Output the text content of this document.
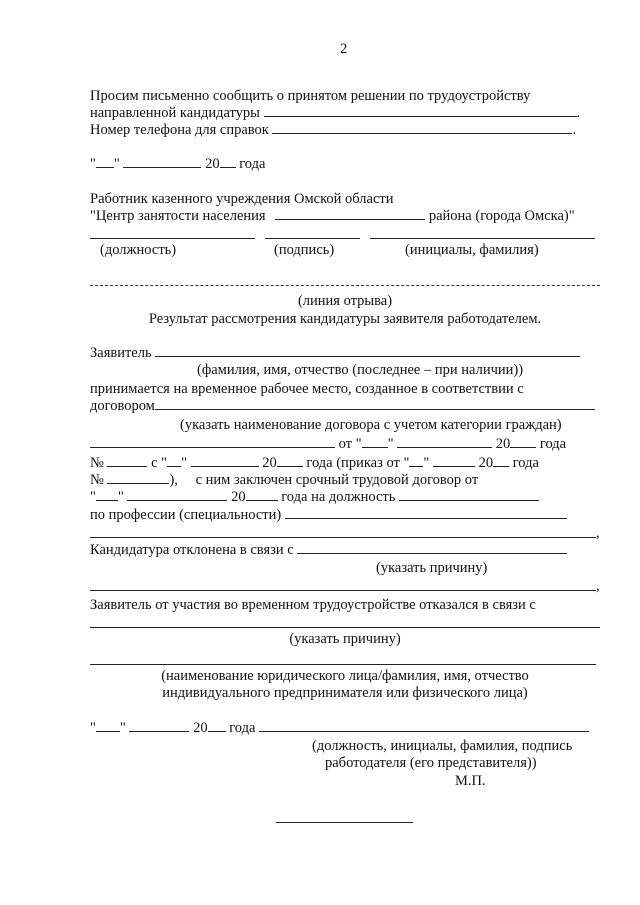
2
Просим письменно сообщить о принятом решении по трудоустройству
направленной кандидатуры	.
Номер телефона для справок	.
" "	20 года
Работник казенного учреждения Омской области
"Центр занятости населения	района (города Омска)"
(должность)	(подпись)	(инициалы, фамилия)
(линия отрыва)
Результат рассмотрения кандидатуры заявителя работодателем.
Заявитель
(фамилия, имя, отчество (последнее – при наличии))
принимается на временное рабочее место, созданное в соответствии с
договором
(указать наименование договора с учетом категории граждан)
от " "	20 года
№	с " "	20 года (приказ от " "	20 года
№	), с ним заключен срочный трудовой договор от
" "	20 года на должность
по профессии (специальности)
,
Кандидатура отклонена в связи с
(указать причину)
,
Заявитель от участия во временном трудоустройстве отказался в связи с
(указать причину)
(наименование юридического лица/фамилия, имя, отчество
индивидуального предпринимателя или физического лица)
" "	20 года
(должность, инициалы, фамилия, подпись
работодателя (его представителя))
М.П.
